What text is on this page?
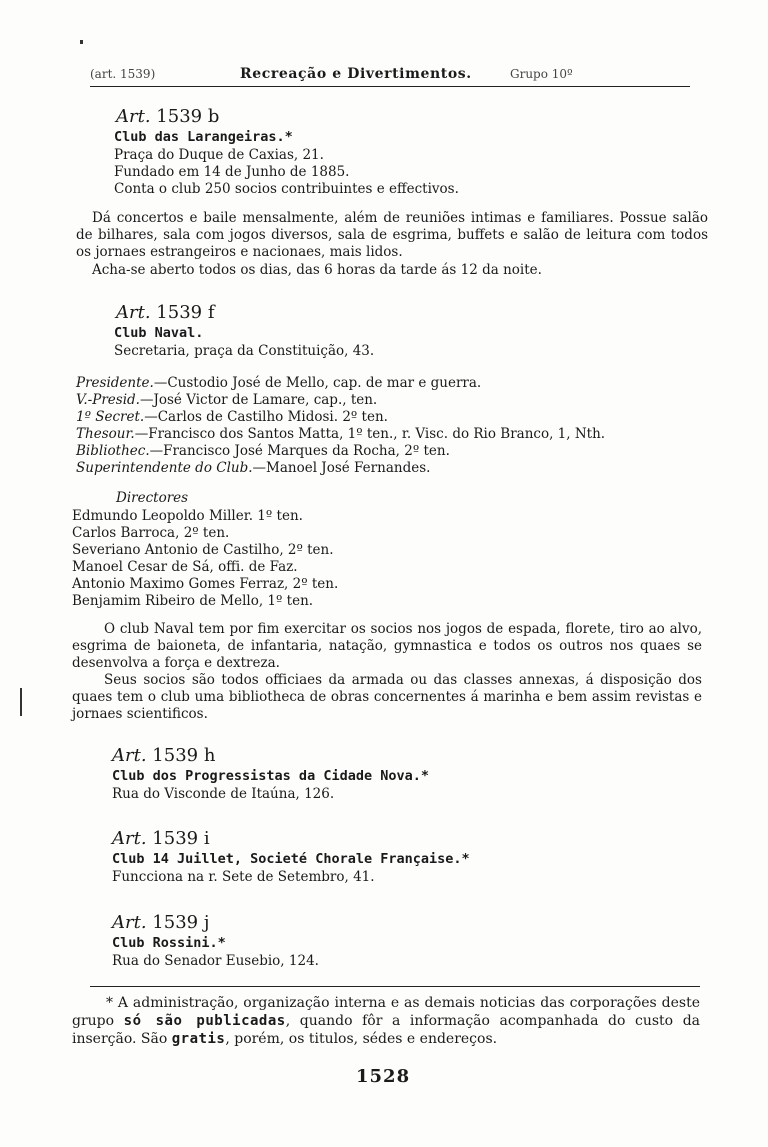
(art. 1539)	Recreação e Divertimentos.	Grupo 10º
Art. 1539 b
Club das Larangeiras.*
Praça do Duque de Caxias, 21.
Fundado em 14 de Junho de 1885.
Conta o club 250 socios contribuintes e effectivos.
Dá concertos e baile mensalmente, além de reuniões intimas e familiares. Possue salão de bilhares, sala com jogos diversos, sala de esgrima, buffets e salão de leitura com todos os jornaes estrangeiros e nacionaes, mais lidos.
Acha-se aberto todos os dias, das 6 horas da tarde ás 12 da noite.
Art. 1539 f
Club Naval.
Secretaria, praça da Constituição, 43.
Presidente.—Custodio José de Mello, cap. de mar e guerra.
V.-Presid.—José Victor de Lamare, cap., ten.
1º Secret.—Carlos de Castilho Midosi. 2º ten.
Thesour.—Francisco dos Santos Matta, 1º ten., r. Visc. do Rio Branco, 1, Nth.
Bibliothec.—Francisco José Marques da Rocha, 2º ten.
Superintendente do Club.—Manoel José Fernandes.
Directores
Edmundo Leopoldo Miller. 1º ten.
Carlos Barroca, 2º ten.
Severiano Antonio de Castilho, 2º ten.
Manoel Cesar de Sá, offi. de Faz.
Antonio Maximo Gomes Ferraz, 2º ten.
Benjamim Ribeiro de Mello, 1º ten.
O club Naval tem por fim exercitar os socios nos jogos de espada, florete, tiro ao alvo, esgrima de baioneta, de infantaria, natação, gymnastica e todos os outros nos quaes se desenvolva a força e dextreza.
Seus socios são todos officiaes da armada ou das classes annexas, á disposição dos quaes tem o club uma bibliotheca de obras concernentes á marinha e bem assim revistas e jornaes scientificos.
Art. 1539 h
Club dos Progressistas da Cidade Nova.*
Rua do Visconde de Itaúna, 126.
Art. 1539 i
Club 14 Juillet, Societé Chorale Française.*
Funcciona na r. Sete de Setembro, 41.
Art. 1539 j
Club Rossini.*
Rua do Senador Eusebio, 124.
* A administração, organização interna e as demais noticias das corporações deste grupo só são publicadas, quando fôr a informação acompanhada do custo da inserção. São gratis, porém, os titulos, sédes e endereços.
1528
